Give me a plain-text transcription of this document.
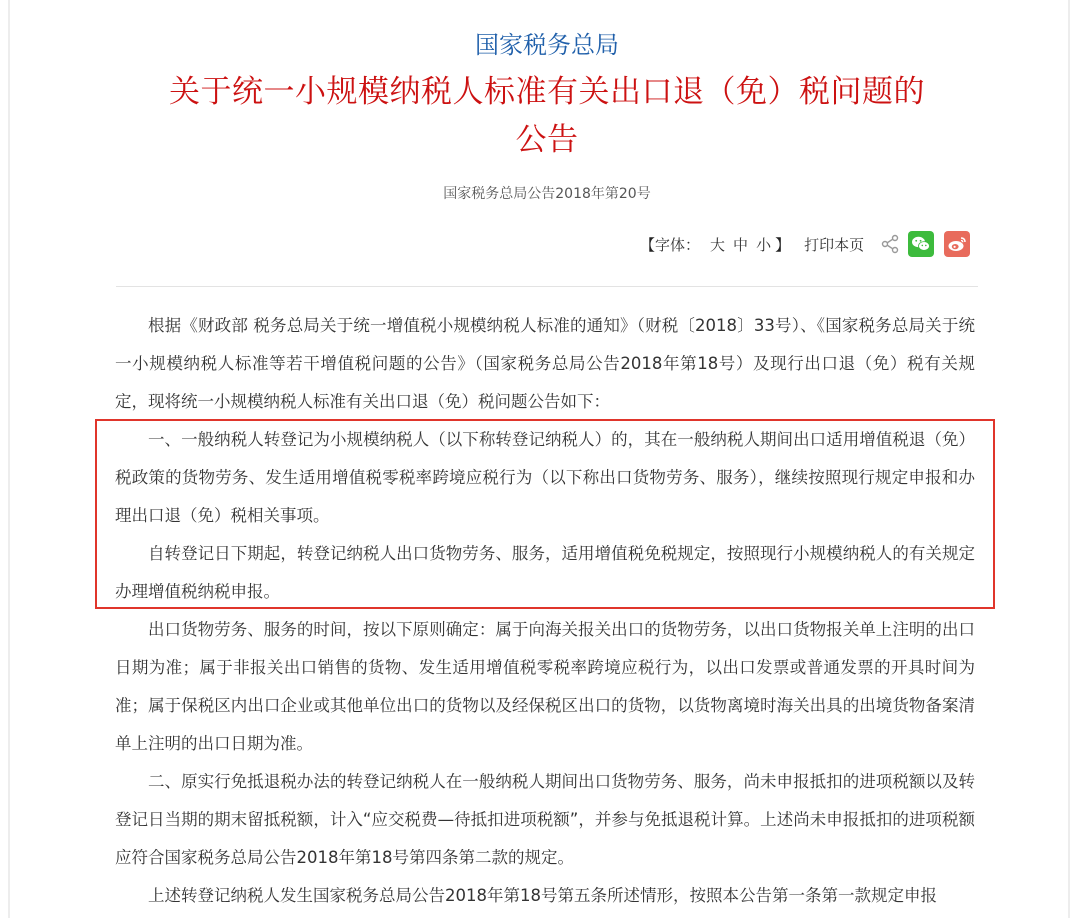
国家税务总局
关于统一小规模纳税人标准有关出口退（免）税问题的公告
国家税务总局公告2018年第20号
【 字体： 大 中 小 】 打印本页

根据《财政部 税务总局关于统一增值税小规模纳税人标准的通知》（财税〔2018〕33号）、《国家税务总局关于统一小规模纳税人标准等若干增值税问题的公告》（国家税务总局公告2018年第18号）及现行出口退（免）税有关规定，现将统一小规模纳税人标准有关出口退（免）税问题公告如下：

一、一般纳税人转登记为小规模纳税人（以下称转登记纳税人）的，其在一般纳税人期间出口适用增值税退（免）税政策的货物劳务、发生适用增值税零税率跨境应税行为（以下称出口货物劳务、服务），继续按照现行规定申报和办理出口退（免）税相关事项。

自转登记日下期起，转登记纳税人出口货物劳务、服务，适用增值税免税规定，按照现行小规模纳税人的有关规定办理增值税纳税申报。

出口货物劳务、服务的时间，按以下原则确定：属于向海关报关出口的货物劳务，以出口货物报关单上注明的出口日期为准；属于非报关出口销售的货物、发生适用增值税零税率跨境应税行为，以出口发票或普通发票的开具时间为准；属于保税区内出口企业或其他单位出口的货物以及经保税区出口的货物，以货物离境时海关出具的出境货物备案清单上注明的出口日期为准。

二、原实行免抵退税办法的转登记纳税人在一般纳税人期间出口货物劳务、服务，尚未申报抵扣的进项税额以及转登记日当期的期末留抵税额，计入“应交税费—待抵扣进项税额”，并参与免抵退税计算。上述尚未申报抵扣的进项税额应符合国家税务总局公告2018年第18号第四条第二款的规定。

上述转登记纳税人发生国家税务总局公告2018年第18号第五条所述情形，按照本公告第一条第一款规定申报
